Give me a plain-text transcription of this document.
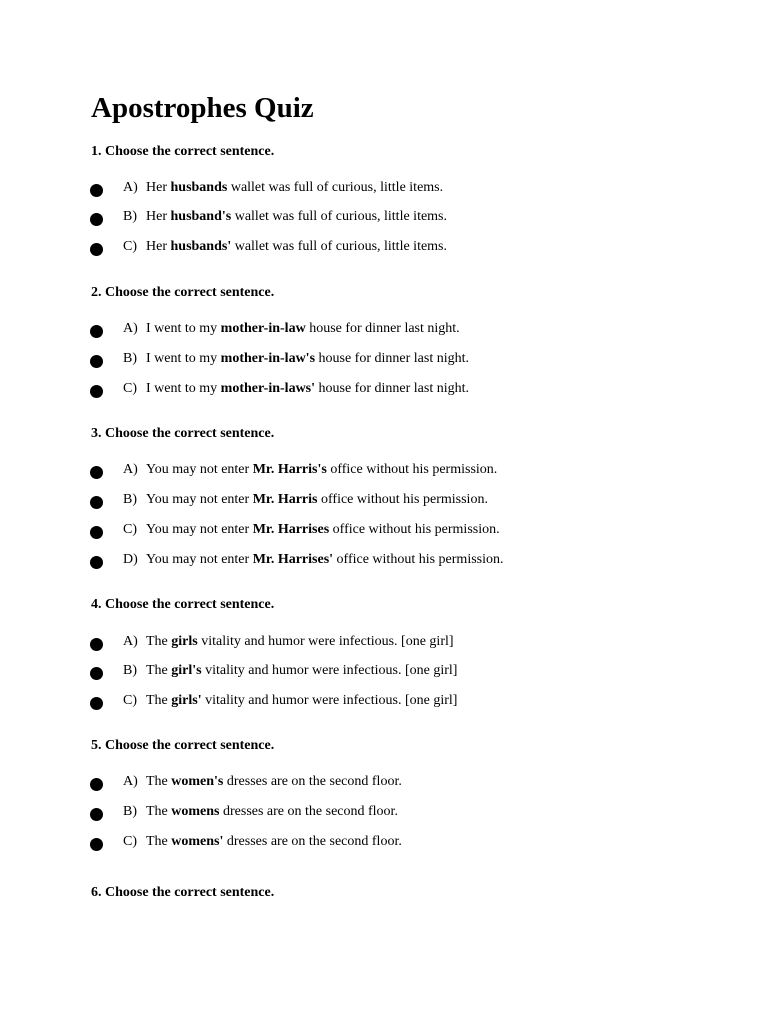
Apostrophes Quiz

1. Choose the correct sentence.

A) Her husbands wallet was full of curious, little items.
B) Her husband's wallet was full of curious, little items.
C) Her husbands' wallet was full of curious, little items.

2. Choose the correct sentence.

A) I went to my mother-in-law house for dinner last night.
B) I went to my mother-in-law's house for dinner last night.
C) I went to my mother-in-laws' house for dinner last night.

3. Choose the correct sentence.

A) You may not enter Mr. Harris's office without his permission.
B) You may not enter Mr. Harris office without his permission.
C) You may not enter Mr. Harrises office without his permission.
D) You may not enter Mr. Harrises' office without his permission.

4. Choose the correct sentence.

A) The girls vitality and humor were infectious. [one girl]
B) The girl's vitality and humor were infectious. [one girl]
C) The girls' vitality and humor were infectious. [one girl]

5. Choose the correct sentence.

A) The women's dresses are on the second floor.
B) The womens dresses are on the second floor.
C) The womens' dresses are on the second floor.

6. Choose the correct sentence.
